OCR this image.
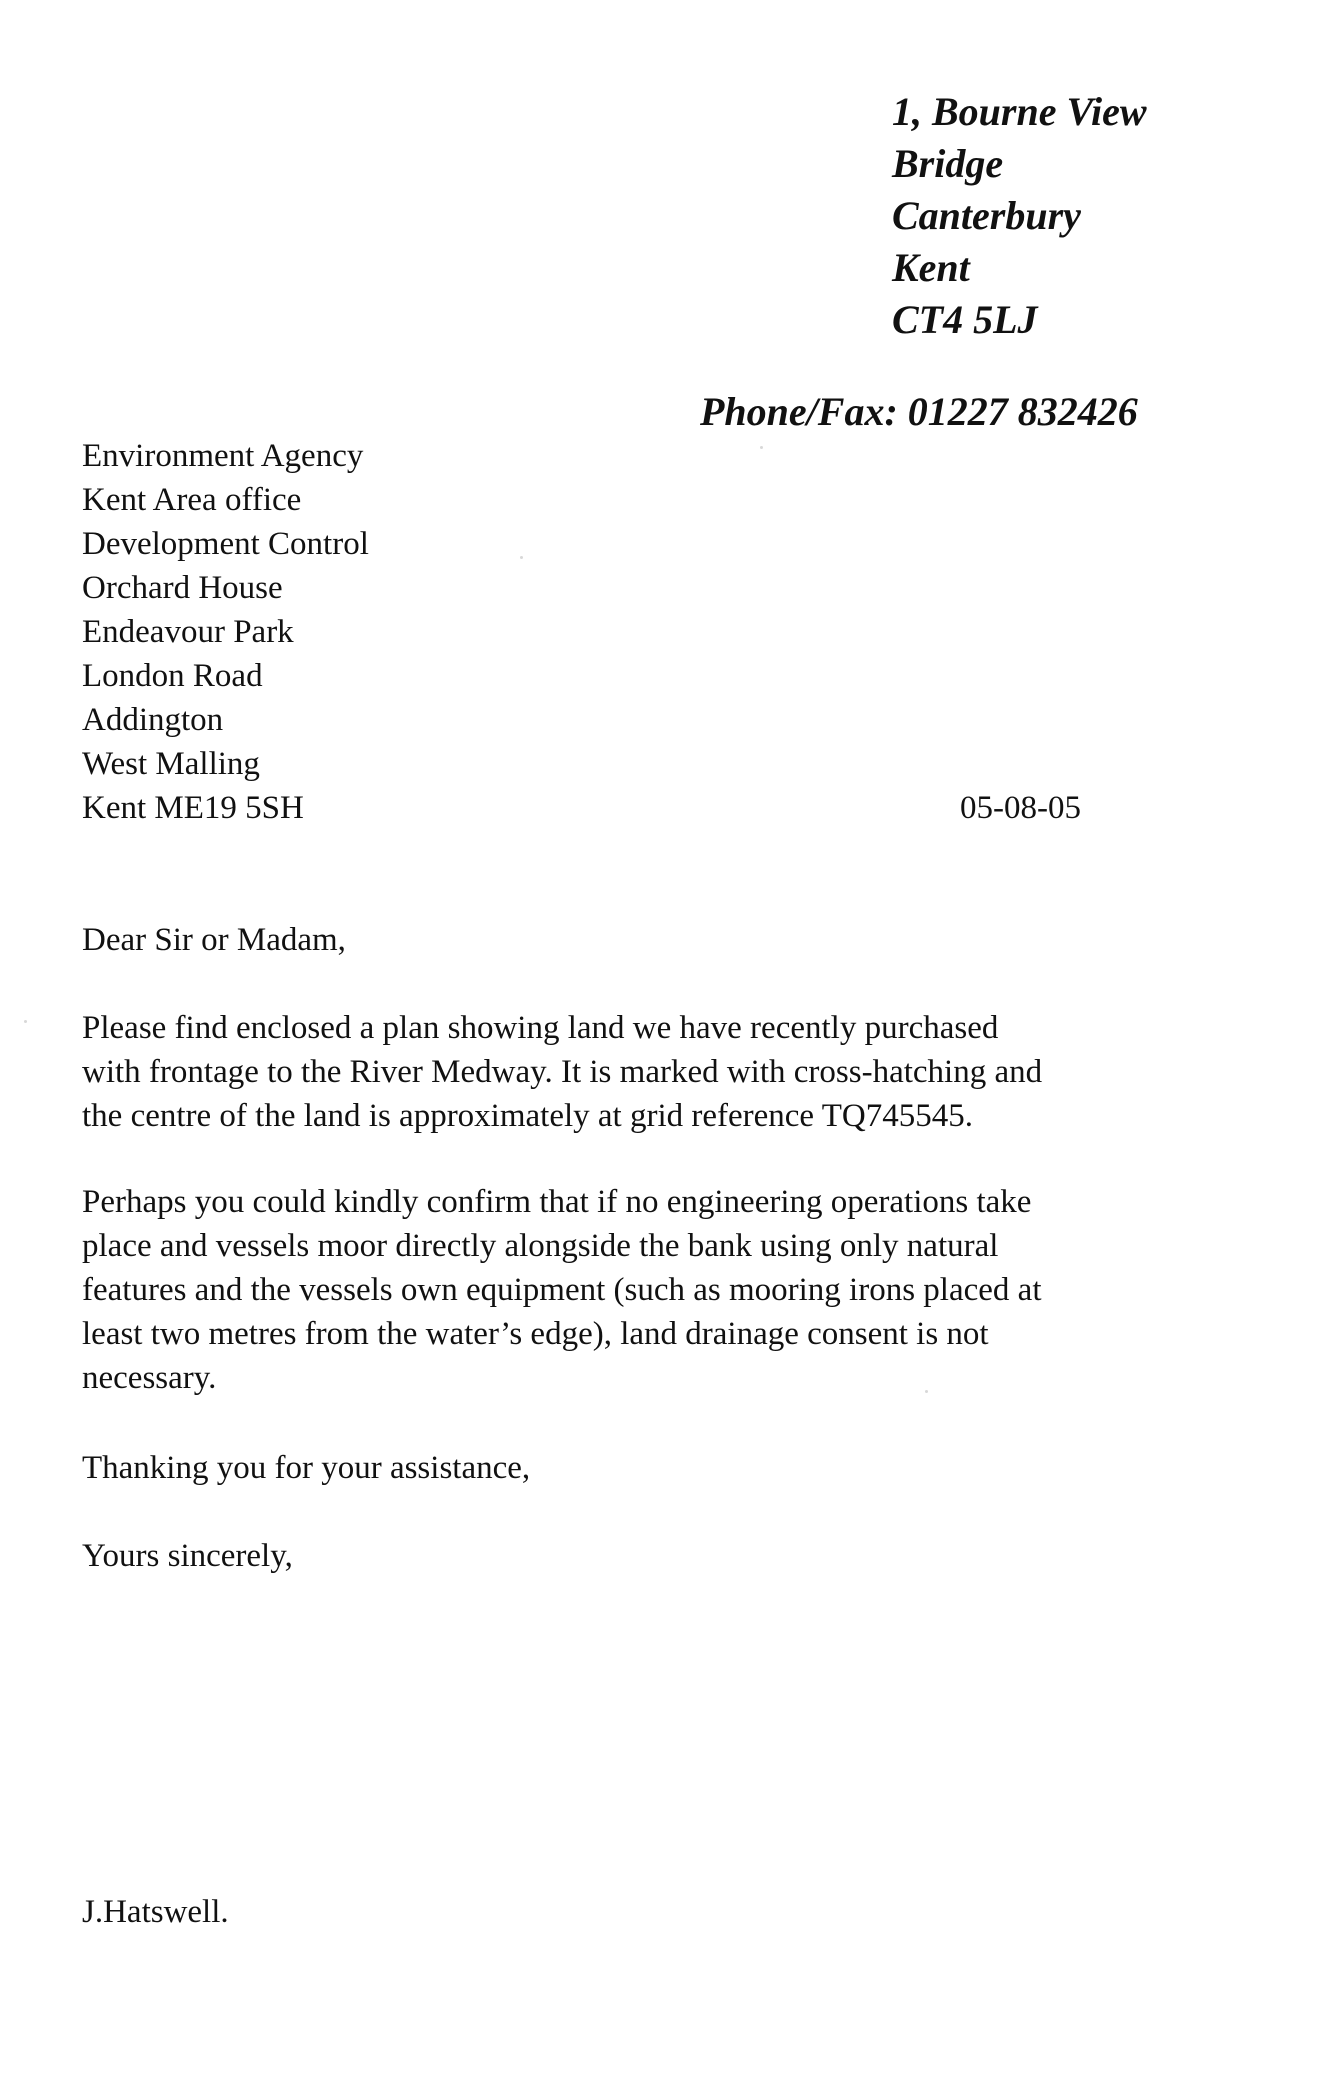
1, Bourne View
Bridge
Canterbury
Kent
CT4 5LJ
Phone/Fax: 01227 832426
Environment Agency
Kent Area office
Development Control
Orchard House
Endeavour Park
London Road
Addington
West Malling
Kent ME19 5SH	05-08-05
Dear Sir or Madam,
Please find enclosed a plan showing land we have recently purchased
with frontage to the River Medway. It is marked with cross-hatching and
the centre of the land is approximately at grid reference TQ745545.
Perhaps you could kindly confirm that if no engineering operations take
place and vessels moor directly alongside the bank using only natural
features and the vessels own equipment (such as mooring irons placed at
least two metres from the water’s edge), land drainage consent is not
necessary.
Thanking you for your assistance,
Yours sincerely,
J.Hatswell.
